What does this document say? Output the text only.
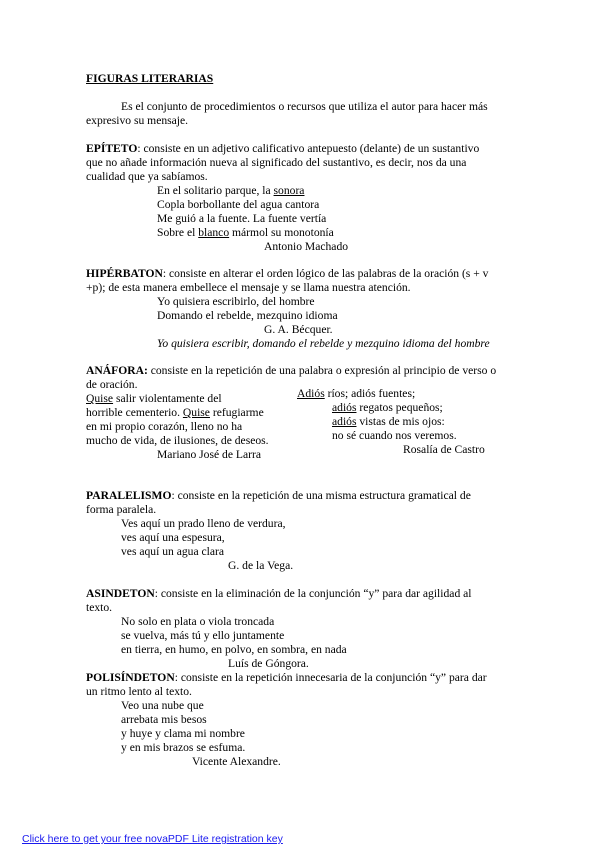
FIGURAS LITERARIAS
Es el conjunto de procedimientos o recursos que utiliza el autor para hacer más
expresivo su mensaje.
EPÍTETO: consiste en un adjetivo calificativo antepuesto (delante) de un sustantivo
que no añade información nueva al significado del sustantivo, es decir, nos da una
cualidad que ya sabíamos.
En el solitario parque, la sonora
Copla borbollante del agua cantora
Me guió a la fuente. La fuente vertía
Sobre el blanco mármol su monotonía
Antonio Machado
HIPÉRBATON: consiste en alterar el orden lógico de las palabras de la oración (s + v
+p); de esta manera embellece el mensaje y se llama nuestra atención.
Yo quisiera escribirlo, del hombre
Domando el rebelde, mezquino idioma
G. A. Bécquer.
Yo quisiera escribir, domando el rebelde y mezquino idioma del hombre
ANÁFORA: consiste en la repetición de una palabra o expresión al principio de verso o
de oración.
Quise salir violentamente del
horrible cementerio. Quise refugiarme
en mi propio corazón, lleno no ha
mucho de vida, de ilusiones, de deseos.
Mariano José de Larra
Adiós ríos; adiós fuentes;
adiós regatos pequeños;
adiós vistas de mis ojos:
no sé cuando nos veremos.
Rosalía de Castro
PARALELISMO: consiste en la repetición de una misma estructura gramatical de
forma paralela.
Ves aquí un prado lleno de verdura,
ves aquí una espesura,
ves aquí un agua clara
G. de la Vega.
ASINDETON: consiste en la eliminación de la conjunción “y” para dar agilidad al
texto.
No solo en plata o viola troncada
se vuelva, más tú y ello juntamente
en tierra, en humo, en polvo, en sombra, en nada
Luís de Góngora.
POLISÍNDETON: consiste en la repetición innecesaria de la conjunción “y” para dar
un ritmo lento al texto.
Veo una nube que
arrebata mis besos
y huye y clama mi nombre
y en mis brazos se esfuma.
Vicente Alexandre.
Click here to get your free novaPDF Lite registration key
